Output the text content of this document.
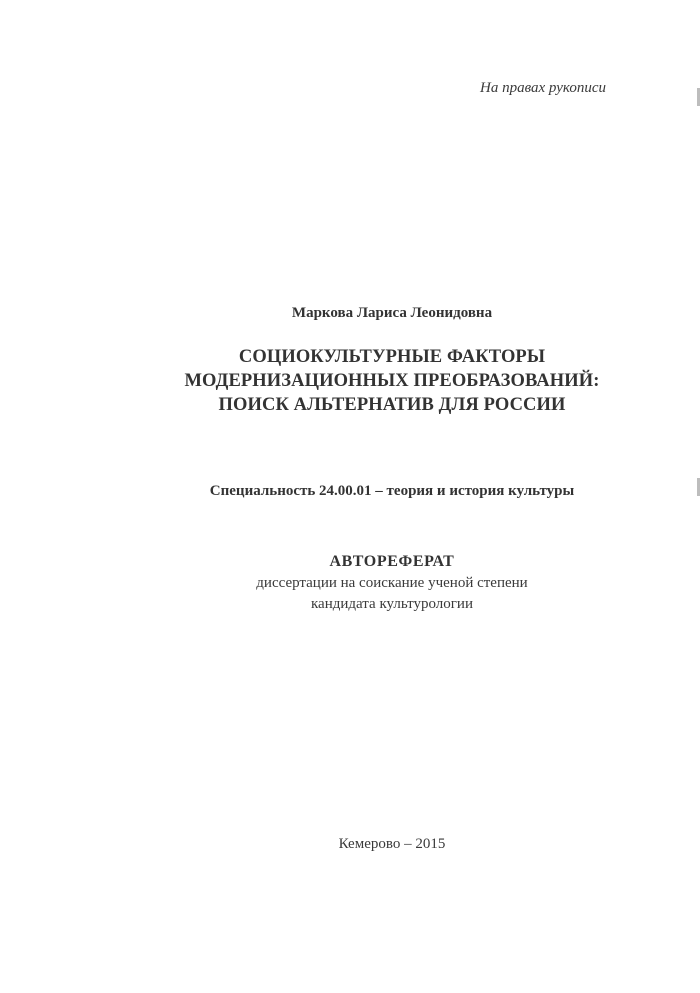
На правах рукописи
Маркова Лариса Леонидовна
СОЦИОКУЛЬТУРНЫЕ ФАКТОРЫ
МОДЕРНИЗАЦИОННЫХ ПРЕОБРАЗОВАНИЙ:
ПОИСК АЛЬТЕРНАТИВ ДЛЯ РОССИИ
Специальность 24.00.01 – теория и история культуры
АВТОРЕФЕРАТ
диссертации на соискание ученой степени
кандидата культурологии
Кемерово – 2015
